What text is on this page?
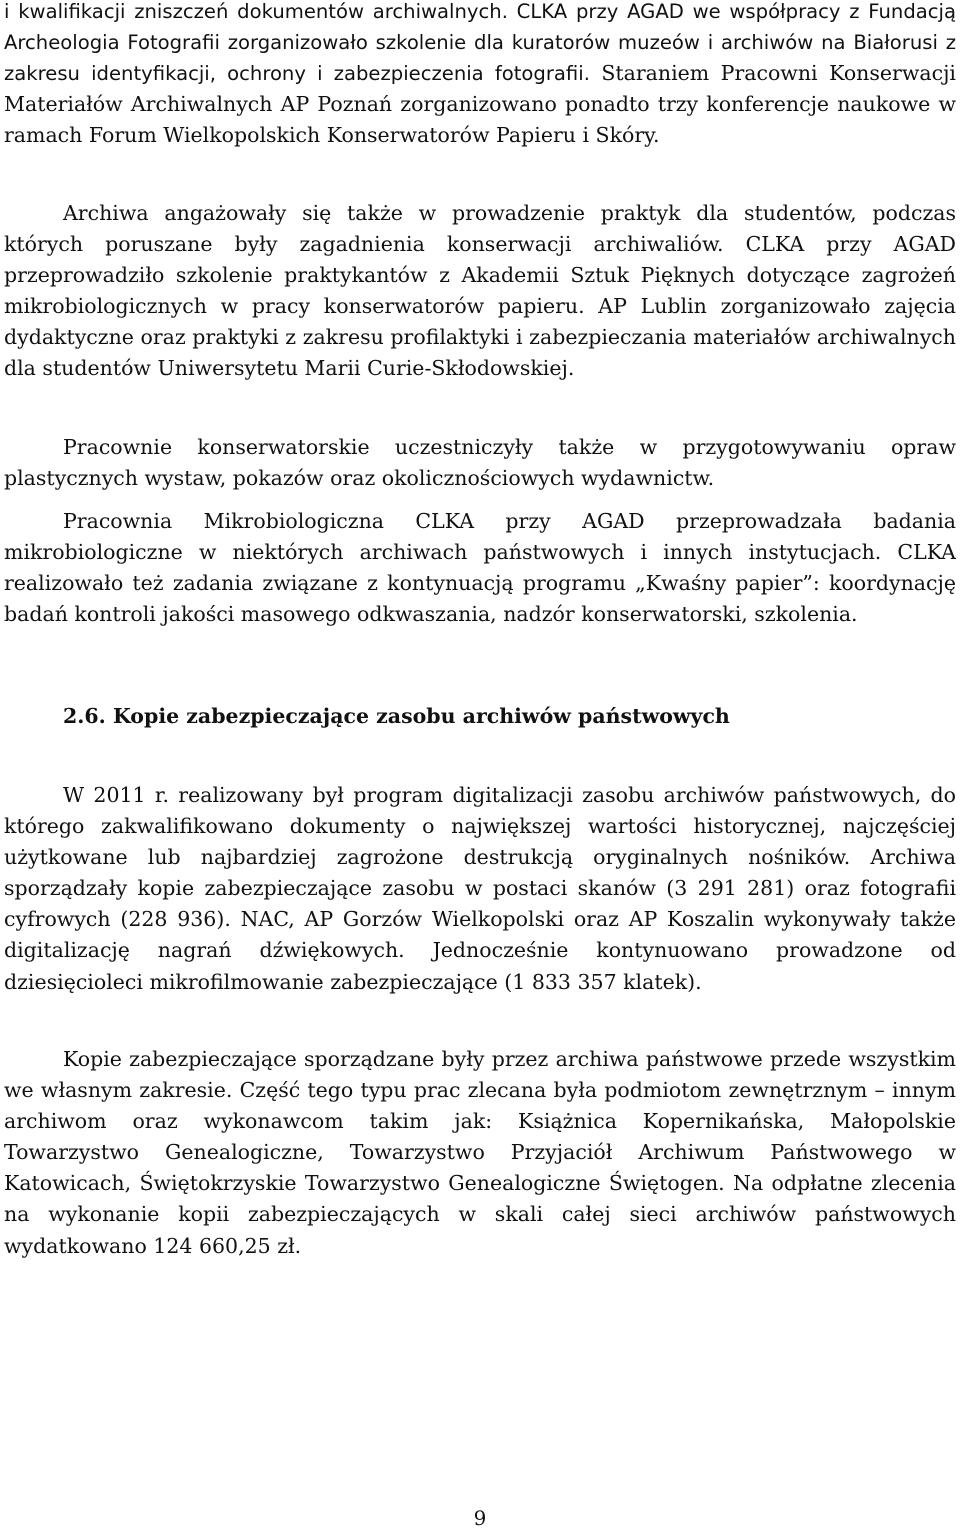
i kwalifikacji zniszczeń dokumentów archiwalnych. CLKA przy AGAD we współpracy z Fundacją Archeologia Fotografii zorganizowało szkolenie dla kuratorów muzeów i archiwów na Białorusi z zakresu identyfikacji, ochrony i zabezpieczenia fotografii. Staraniem Pracowni Konserwacji Materiałów Archiwalnych AP Poznań zorganizowano ponadto trzy konferencje naukowe w ramach Forum Wielkopolskich Konserwatorów Papieru i Skóry.

Archiwa angażowały się także w prowadzenie praktyk dla studentów, podczas których poruszane były zagadnienia konserwacji archiwaliów. CLKA przy AGAD przeprowadziło szkolenie praktykantów z Akademii Sztuk Pięknych dotyczące zagrożeń mikrobiologicznych w pracy konserwatorów papieru. AP Lublin zorganizowało zajęcia dydaktyczne oraz praktyki z zakresu profilaktyki i zabezpieczania materiałów archiwalnych dla studentów Uniwersytetu Marii Curie-Skłodowskiej.

Pracownie konserwatorskie uczestniczyły także w przygotowywaniu opraw plastycznych wystaw, pokazów oraz okolicznościowych wydawnictw.

Pracownia Mikrobiologiczna CLKA przy AGAD przeprowadzała badania mikrobiologiczne w niektórych archiwach państwowych i innych instytucjach. CLKA realizowało też zadania związane z kontynuacją programu „Kwaśny papier”: koordynację badań kontroli jakości masowego odkwaszania, nadzór konserwatorski, szkolenia.

2.6. Kopie zabezpieczające zasobu archiwów państwowych

W 2011 r. realizowany był program digitalizacji zasobu archiwów państwowych, do którego zakwalifikowano dokumenty o największej wartości historycznej, najczęściej użytkowane lub najbardziej zagrożone destrukcją oryginalnych nośników. Archiwa sporządzały kopie zabezpieczające zasobu w postaci skanów (3 291 281) oraz fotografii cyfrowych (228 936). NAC, AP Gorzów Wielkopolski oraz AP Koszalin wykonywały także digitalizację nagrań dźwiękowych. Jednocześnie kontynuowano prowadzone od dziesięcioleci mikrofilmowanie zabezpieczające (1 833 357 klatek).

Kopie zabezpieczające sporządzane były przez archiwa państwowe przede wszystkim we własnym zakresie. Część tego typu prac zlecana była podmiotom zewnętrznym – innym archiwom oraz wykonawcom takim jak: Książnica Kopernikańska, Małopolskie Towarzystwo Genealogiczne, Towarzystwo Przyjaciół Archiwum Państwowego w Katowicach, Świętokrzyskie Towarzystwo Genealogiczne Świętogen. Na odpłatne zlecenia na wykonanie kopii zabezpieczających w skali całej sieci archiwów państwowych wydatkowano 124 660,25 zł.

9
